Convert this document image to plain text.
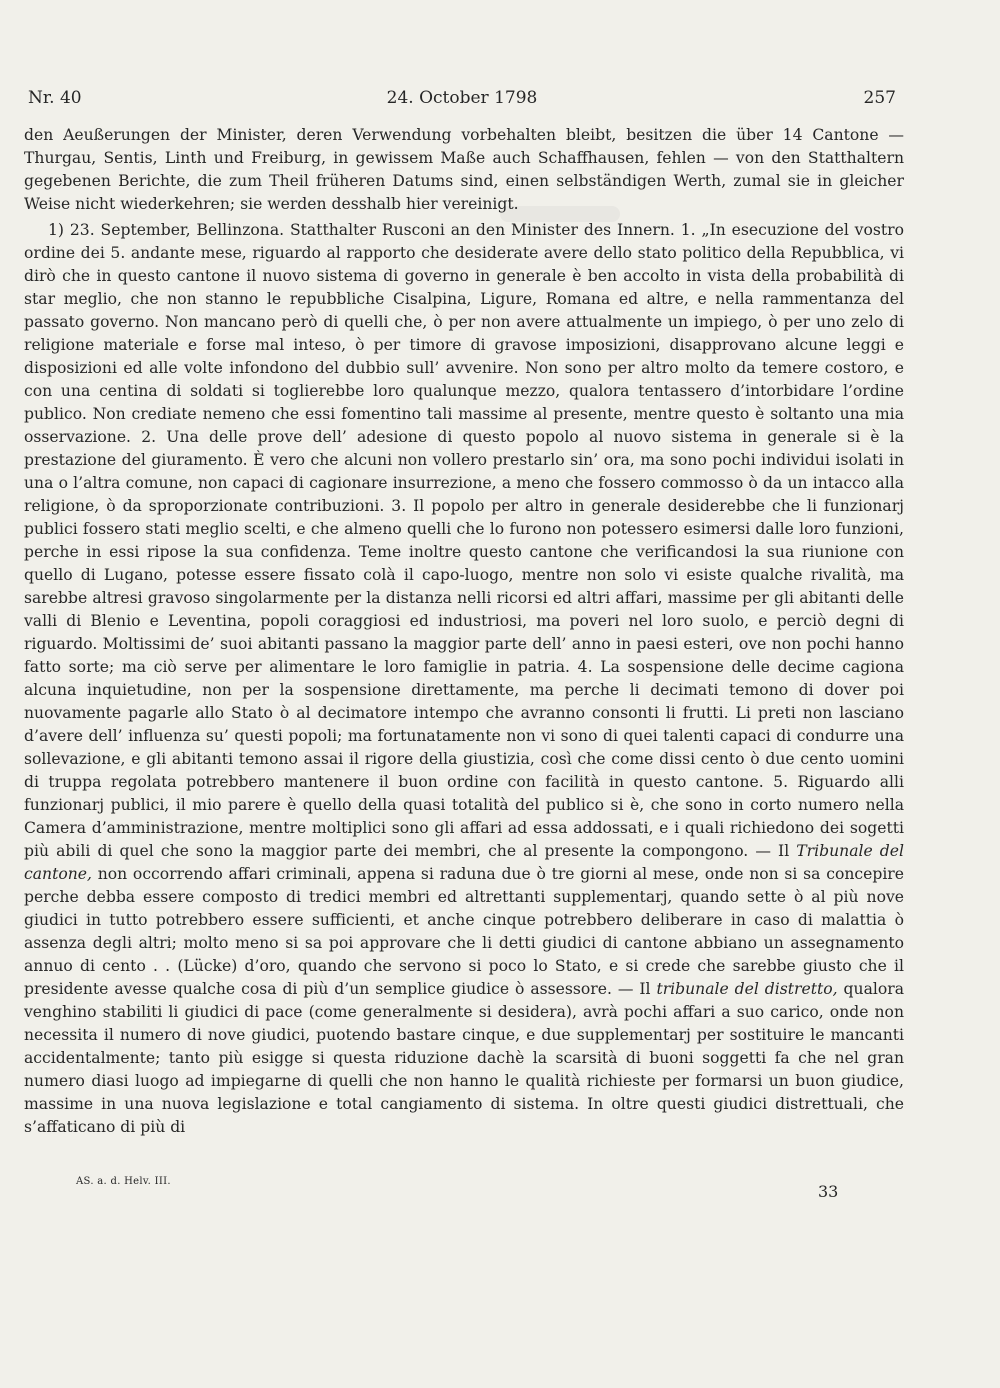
Nr. 40	24. October 1798	257

den Aeußerungen der Minister, deren Verwendung vorbehalten bleibt, besitzen die über 14 Cantone — Thurgau, Sentis, Linth und Freiburg, in gewissem Maße auch Schaffhausen, fehlen — von den Statthaltern gegebenen Berichte, die zum Theil früheren Datums sind, einen selbständigen Werth, zumal sie in gleicher Weise nicht wiederkehren; sie werden desshalb hier vereinigt.

1) 23. September, Bellinzona. Statthalter Rusconi an den Minister des Innern. 1. „In esecuzione del vostro ordine dei 5. andante mese, riguardo al rapporto che desiderate avere dello stato politico della Repubblica, vi dirò che in questo cantone il nuovo sistema di governo in generale è ben accolto in vista della probabilità di star meglio, che non stanno le repubbliche Cisalpina, Ligure, Romana ed altre, e nella rammentanza del passato governo. Non mancano però di quelli che, ò per non avere attualmente un impiego, ò per uno zelo di religione materiale e forse mal inteso, ò per timore di gravose imposizioni, disapprovano alcune leggi e disposizioni ed alle volte infondono del dubbio sull’ avvenire. Non sono per altro molto da temere costoro, e con una centina di soldati si toglierebbe loro qualunque mezzo, qualora tentassero d’intorbidare l’ordine publico. Non crediate nemeno che essi fomentino tali massime al presente, mentre questo è soltanto una mia osservazione. 2. Una delle prove dell’ adesione di questo popolo al nuovo sistema in generale si è la prestazione del giuramento. È vero che alcuni non vollero prestarlo sin’ ora, ma sono pochi individui isolati in una o l’altra comune, non capaci di cagionare insurrezione, a meno che fossero commosso ò da un intacco alla religione, ò da sproporzionate contribuzioni. 3. Il popolo per altro in generale desiderebbe che li funzionarj publici fossero stati meglio scelti, e che almeno quelli che lo furono non potessero esimersi dalle loro funzioni, perche in essi ripose la sua confidenza. Teme inoltre questo cantone che verificandosi la sua riunione con quello di Lugano, potesse essere fissato colà il capo-luogo, mentre non solo vi esiste qualche rivalità, ma sarebbe altresi gravoso singolarmente per la distanza nelli ricorsi ed altri affari, massime per gli abitanti delle valli di Blenio e Leventina, popoli coraggiosi ed industriosi, ma poveri nel loro suolo, e perciò degni di riguardo. Moltissimi de’ suoi abitanti passano la maggior parte dell’ anno in paesi esteri, ove non pochi hanno fatto sorte; ma ciò serve per alimentare le loro famiglie in patria. 4. La sospensione delle decime cagiona alcuna inquietudine, non per la sospensione direttamente, ma perche li decimati temono di dover poi nuovamente pagarle allo Stato ò al decimatore intempo che avranno consonti li frutti. Li preti non lasciano d’avere dell’ influenza su’ questi popoli; ma fortunatamente non vi sono di quei talenti capaci di condurre una sollevazione, e gli abitanti temono assai il rigore della giustizia, così che come dissi cento ò due cento uomini di truppa regolata potrebbero mantenere il buon ordine con facilità in questo cantone. 5. Riguardo alli funzionarj publici, il mio parere è quello della quasi totalità del publico si è, che sono in corto numero nella Camera d’amministrazione, mentre moltiplici sono gli affari ad essa addossati, e i quali richiedono dei sogetti più abili di quel che sono la maggior parte dei membri, che al presente la compongono. — Il Tribunale del cantone, non occorrendo affari criminali, appena si raduna due ò tre giorni al mese, onde non si sa concepire perche debba essere composto di tredici membri ed altrettanti supplementarj, quando sette ò al più nove giudici in tutto potrebbero essere sufficienti, et anche cinque potrebbero deliberare in caso di malattia ò assenza degli altri; molto meno si sa poi approvare che li detti giudici di cantone abbiano un assegnamento annuo di cento . . (Lücke) d’oro, quando che servono si poco lo Stato, e si crede che sarebbe giusto che il presidente avesse qualche cosa di più d’un semplice giudice ò assessore. — Il tribunale del distretto, qualora venghino stabiliti li giudici di pace (come generalmente si desidera), avrà pochi affari a suo carico, onde non necessita il numero di nove giudici, puotendo bastare cinque, e due supplementarj per sostituire le mancanti accidentalmente; tanto più esigge si questa riduzione dachè la scarsità di buoni soggetti fa che nel gran numero diasi luogo ad impiegarne di quelli che non hanno le qualità richieste per formarsi un buon giudice, massime in una nuova legislazione e total cangiamento di sistema. In oltre questi giudici distrettuali, che s’affaticano di più di

AS. a. d. Helv. III.
33
